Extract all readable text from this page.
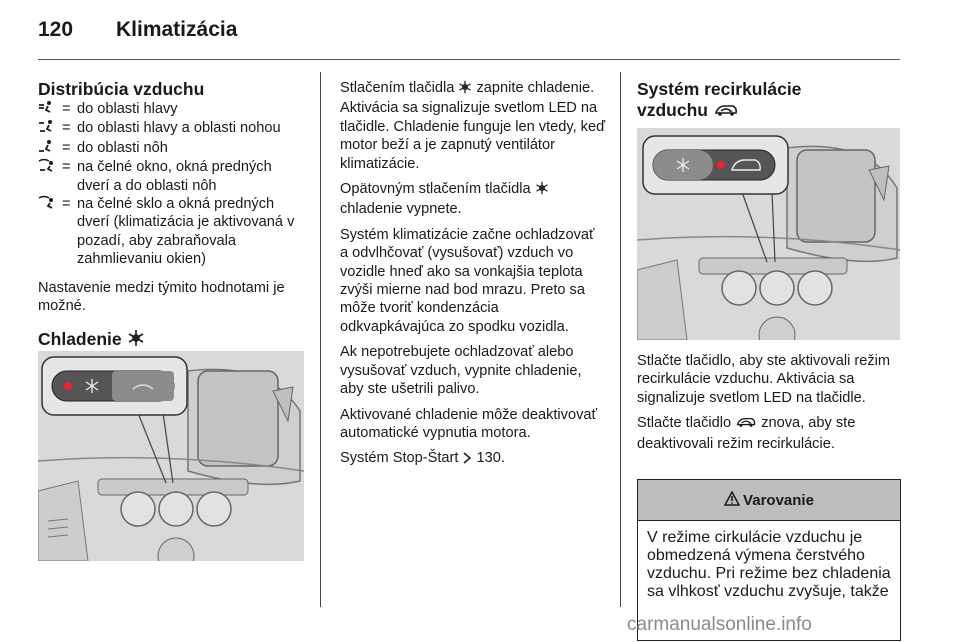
120 Klimatizácia
Distribúcia vzduchu
= do oblasti hlavy
= do oblasti hlavy a oblasti nohou
= do oblasti nôh
= na čelné okno, okná predných dverí a do oblasti nôh
= na čelné sklo a okná predných dverí (klimatizácia je aktivovaná v pozadí, aby zabraňovala zahmlievaniu okien)

Nastavenie medzi týmito hodnotami je možné.

Chladenie

Stlačením tlačidla zapnite chladenie. Aktivácia sa signalizuje svetlom LED na tlačidle. Chladenie funguje len vtedy, keď motor beží a je zapnutý ventilátor klimatizácie.

Opätovným stlačením tlačidla  chladenie vypnete.

Systém klimatizácie začne ochladzovať a odvlhčovať (vysušovať) vzduch vo vozidle hneď ako sa vonkajšia teplota zvýši mierne nad bod mrazu. Preto sa môže tvoriť kondenzácia odkvapkávajúca zo spodku vozidla.

Ak nepotrebujete ochladzovať alebo vysušovať vzduch, vypnite chladenie, aby ste ušetrili palivo.

Aktivované chladenie môže deaktivovať automatické vypnutia motora.

Systém Stop-Štart 130.

Systém recirkulácie
vzduchu

Stlačte tlačidlo, aby ste aktivovali režim recirkulácie vzduchu. Aktivácia sa signalizuje svetlom LED na tlačidle.

Stlačte tlačidlo znova, aby ste deaktivovali režim recirkulácie.

Varovanie
V režime cirkulácie vzduchu je obmedzená výmena čerstvého vzduchu. Pri režime bez chladenia sa vlhkosť vzduchu zvyšuje, takže
carmanualsonline.info
